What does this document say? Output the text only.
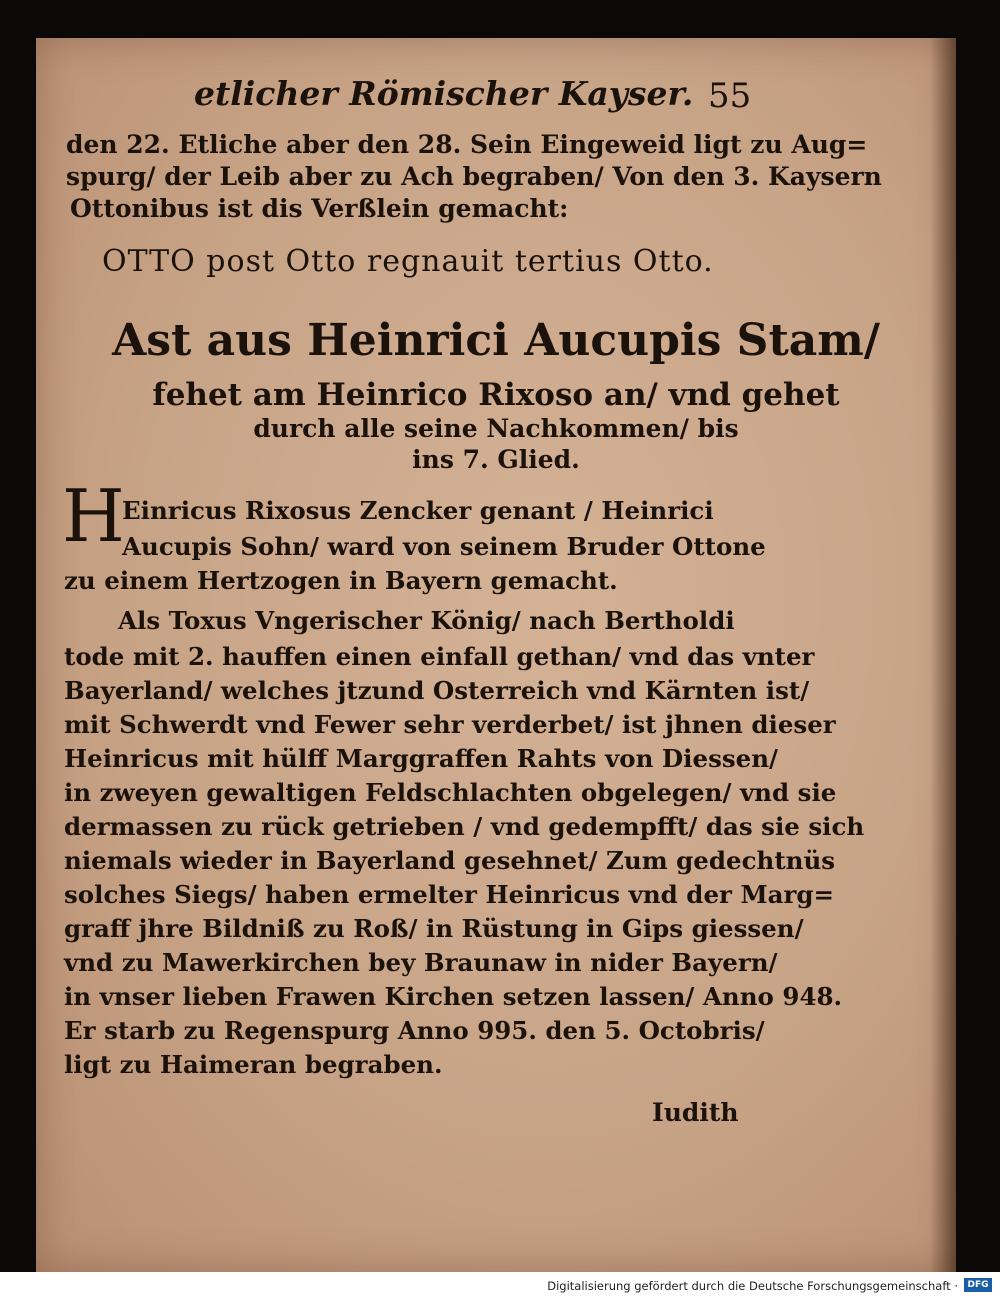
etlicher Römischer Kayser. 55
den 22. Etliche aber den 28. Sein Eingeweid ligt zu Aug=
spurg/ der Leib aber zu Ach begraben/ Von den 3. Kaysern
Ottonibus ist dis Verßlein gemacht:
OTTO post Otto regnauit tertius Otto.
Ast aus Heinrici Aucupis Stam/
fehet am Heinrico Rixoso an/ vnd gehet
durch alle seine Nachkommen/ bis
ins 7. Glied.
H
Einricus Rixosus Zencker genant / Heinrici
Aucupis Sohn/ ward von seinem Bruder Ottone
zu einem Hertzogen in Bayern gemacht.
Als Toxus Vngerischer König/ nach Bertholdi
tode mit 2. hauffen einen einfall gethan/ vnd das vnter
Bayerland/ welches jtzund Osterreich vnd Kärnten ist/
mit Schwerdt vnd Fewer sehr verderbet/ ist jhnen dieser
Heinricus mit hülff Marggraffen Rahts von Diessen/
in zweyen gewaltigen Feldschlachten obgelegen/ vnd sie
dermassen zu rück getrieben / vnd gedempfft/ das sie sich
niemals wieder in Bayerland gesehnet/ Zum gedechtnüs
solches Siegs/ haben ermelter Heinricus vnd der Marg=
graff jhre Bildniß zu Roß/ in Rüstung in Gips giessen/
vnd zu Mawerkirchen bey Braunaw in nider Bayern/
in vnser lieben Frawen Kirchen setzen lassen/ Anno 948.
Er starb zu Regenspurg Anno 995. den 5. Octobris/
ligt zu Haimeran begraben.
Iudith
Digitalisierung gefördert durch die Deutsche Forschungsgemeinschaft ·	DFG
